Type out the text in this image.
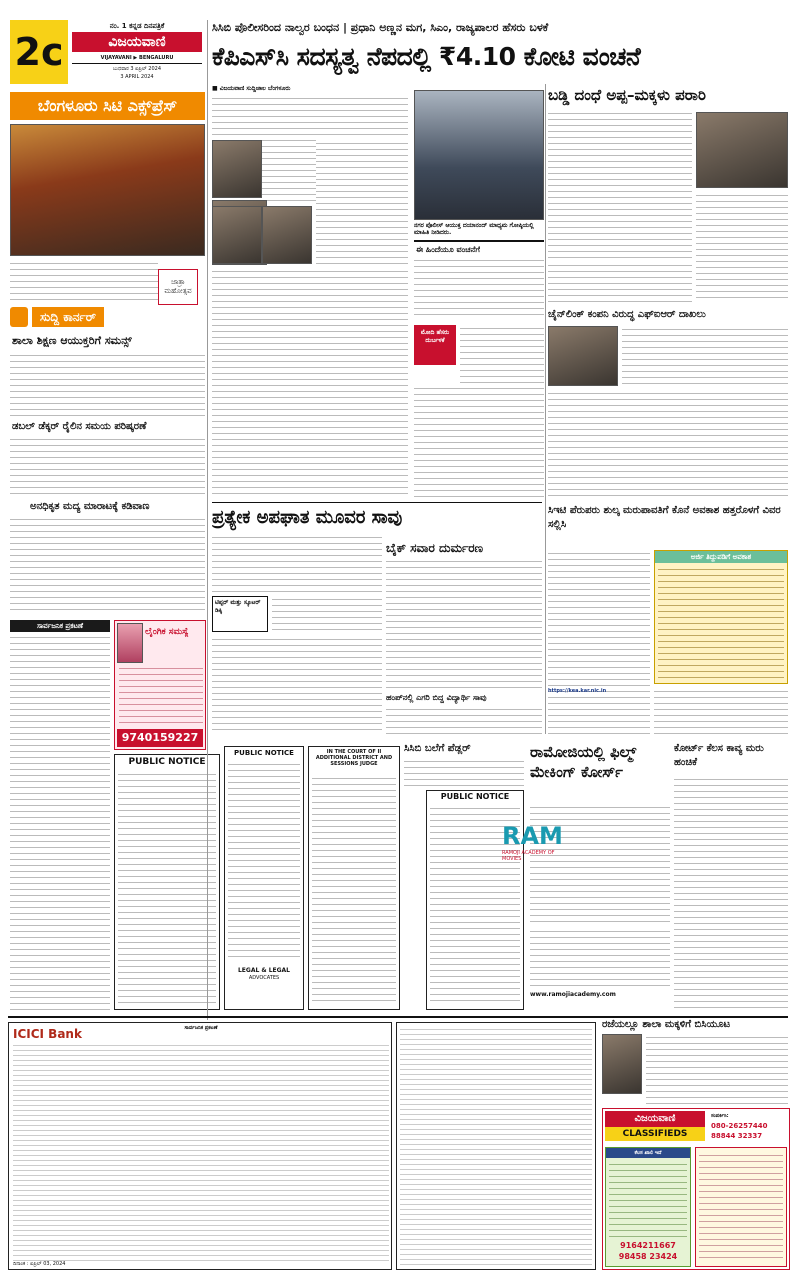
2c
ನಂ. 1 ಕನ್ನಡ ದಿನಪತ್ರಿಕೆ
ವಿಜಯವಾಣಿ
VIJAYAVANI ▶ BENGALURU
ಬುಧವಾರ 3 ಏಪ್ರಿಲ್ 2024
3 APRIL 2024
ಬೆಂಗಳೂರು ಸಿಟಿ ಎಕ್ಸ್‌ಪ್ರೆಸ್
ಜಾತ್ರಾ ಮಹೋತ್ಸವ
ಸುದ್ದಿ ಕಾರ್ನರ್
ಶಾಲಾ ಶಿಕ್ಷಣ ಆಯುಕ್ತರಿಗೆ ಸಮನ್ಸ್
ಡಬಲ್ ಡೆಕ್ಕರ್ ರೈಲಿನ ಸಮಯ ಪರಿಷ್ಕರಣೆ
ಅನಧಿಕೃತ ಮದ್ಯ ಮಾರಾಟಕ್ಕೆ ಕಡಿವಾಣ
ಸಿಸಿಬಿ ಪೊಲೀಸರಿಂದ ನಾಲ್ವರ ಬಂಧನ | ಪ್ರಧಾನಿ ಅಣ್ಣನ ಮಗ, ಸಿಎಂ, ರಾಜ್ಯಪಾಲರ ಹೆಸರು ಬಳಕೆ
ಕೆಪಿಎಸ್‌ಸಿ ಸದಸ್ಯತ್ವ ನೆಪದಲ್ಲಿ ₹4.10 ಕೋಟಿ ವಂಚನೆ
ಬಡ್ಡಿ ದಂಧೆ ಅಪ್ಪ–ಮಕ್ಕಳು ಪರಾರಿ
■ ವಿಜಯವಾಣಿ ಸುದ್ದಿಜಾಲ ಬೆಂಗಳೂರು
ನಗರ ಪೊಲೀಸ್ ಆಯುಕ್ತ ದಯಾನಂದ್ ಮಾಧ್ಯಮ ಗೋಷ್ಠಿಯಲ್ಲಿ ಮಾಹಿತಿ ನೀಡಿದರು.
ಈ ಹಿಂದೆಯೂ ವಂಚನೆಗೆ
ಮೋದಿ ಹೆಸರು ದುರ್ಬಳಕೆ
ಚೈನ್‌ಲಿಂಕ್ ಕಂಪನಿ ವಿರುದ್ಧ ಎಫ್‌ಐಆರ್ ದಾಖಲು
ಪ್ರತ್ಯೇಕ ಅಪಘಾತ ಮೂವರ ಸಾವು
ಬೈಕ್ ಸವಾರ ದುರ್ಮರಣ
ಟಿಪ್ಪರ್ ಮತ್ತು ಸ್ಕೂಟರ್ ಡಿಕ್ಕಿ
ಹಂಪ್‌ನಲ್ಲಿ ಎಗರಿ ಬಿದ್ದ ವಿದ್ಯಾರ್ಥಿ ಸಾವು
ಸಿಇಟಿ ಪೆರುಪರು ಶುಲ್ಕ ಮರುಪಾವತಿಗೆ ಕೊನೆ ಅವಕಾಶ ಹತ್ತರೊಳಗೆ ವಿವರ ಸಲ್ಲಿಸಿ
ಅರ್ಜಿ ತಿದ್ದುಪಡಿಗೆ ಅವಕಾಶ
https://kea.kar.nic.in
ಸಾರ್ವಜನಿಕ ಪ್ರಕಟಣೆ
ಲೈಂಗಿಕ ಸಮಸ್ಯೆ
9740159227
PUBLIC NOTICE
PUBLIC NOTICE
LEGAL & LEGAL
ADVOCATES
IN THE COURT OF II ADDITIONAL DISTRICT AND SESSIONS JUDGE
ಸಿಸಿಬಿ ಬಲೆಗೆ ಪೆಡ್ಲರ್
PUBLIC NOTICE
ರಾಮೋಜಿಯಲ್ಲಿ ಫಿಲ್ಮ್ ಮೇಕಿಂಗ್ ಕೋರ್ಸ್
RAM
RAMOJI ACADEMY OF MOVIES
www.ramojiacademy.com
ಕೋರ್ಟ್ ಕೆಲಸ ಕಾವ್ಯ ಮರು ಹಂಚಿಕೆ
ICICI Bank	ಸಾರ್ವಜನಿಕ ಪ್ರಕಟಣೆ
ದಿನಾಂಕ : ಏಪ್ರಿಲ್ 03, 2024
ರಜೆಯಲ್ಲೂ ಶಾಲಾ ಮಕ್ಕಳಿಗೆ ಬಿಸಿಯೂಟ
ವಿಜಯವಾಣಿ
CLASSIFIEDS
ಸಂಪರ್ಕಿಸಿ:
080-26257440
88844 32337
ಕೆಲಸ ಖಾಲಿ ಇದೆ
9164211667
98458 23424
